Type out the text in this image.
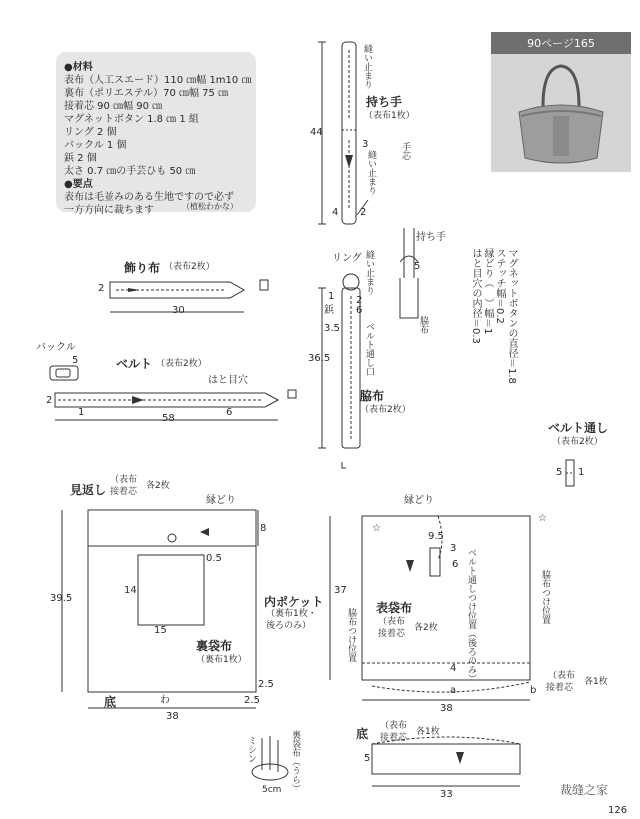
●材料
表布（人工スエード）110 ㎝幅 1m10 ㎝
裏布（ポリエステル）70 ㎝幅 75 ㎝
接着芯 90 ㎝幅 90 ㎝
マグネットボタン 1.8 ㎝ 1 組
リング 2 個
バックル 1 個
鋲 2 個
太さ 0.7 ㎝の手芸ひも 50 ㎝
●要点
表布は毛並みのある生地ですので必ず
一方方向に裁ちます	（植松わかな）
90ページ165
縫い止まり
持ち手
（表布1枚）
縫い止まり
44
3
4 2
手芯
持ち手
飾り布 （表布2枚）
2
30
バックル
5	ベルト （表布2枚）
はと目穴
2
1	6
58
リング 縫い止まり
鋲
ベルト通し口
1 2
6
3.5
36.5
脇布
（表布2枚）
5
脇布	マグネットボタンの直径＝1.8
ステッチ幅＝0.2
縁どり（　）幅＝1
はと目穴の内径＝0.3
ベルト通し
（表布2枚）
5 1
見返し
（表布
接着芯
各2枚
縁どり
8
39.5
14
0.5
15
内ポケット
（裏布1枚・
後ろのみ）
裏袋布
（裏布1枚）
2.5
2.5
底	わ
38
☆
☆
縁どり
9.5
3
6 ベルト通しつけ位置（後ろのみ）
37
表袋布
（表布
接着芯
各2枚
脇布つけ位置
脇布つけ位置
4
a	b
38
（表布
接着芯
各1枚
底
（表布
接着芯
各1枚
5
33
ミシン	裏袋布（うら）
5cm	裁缝之家
126
